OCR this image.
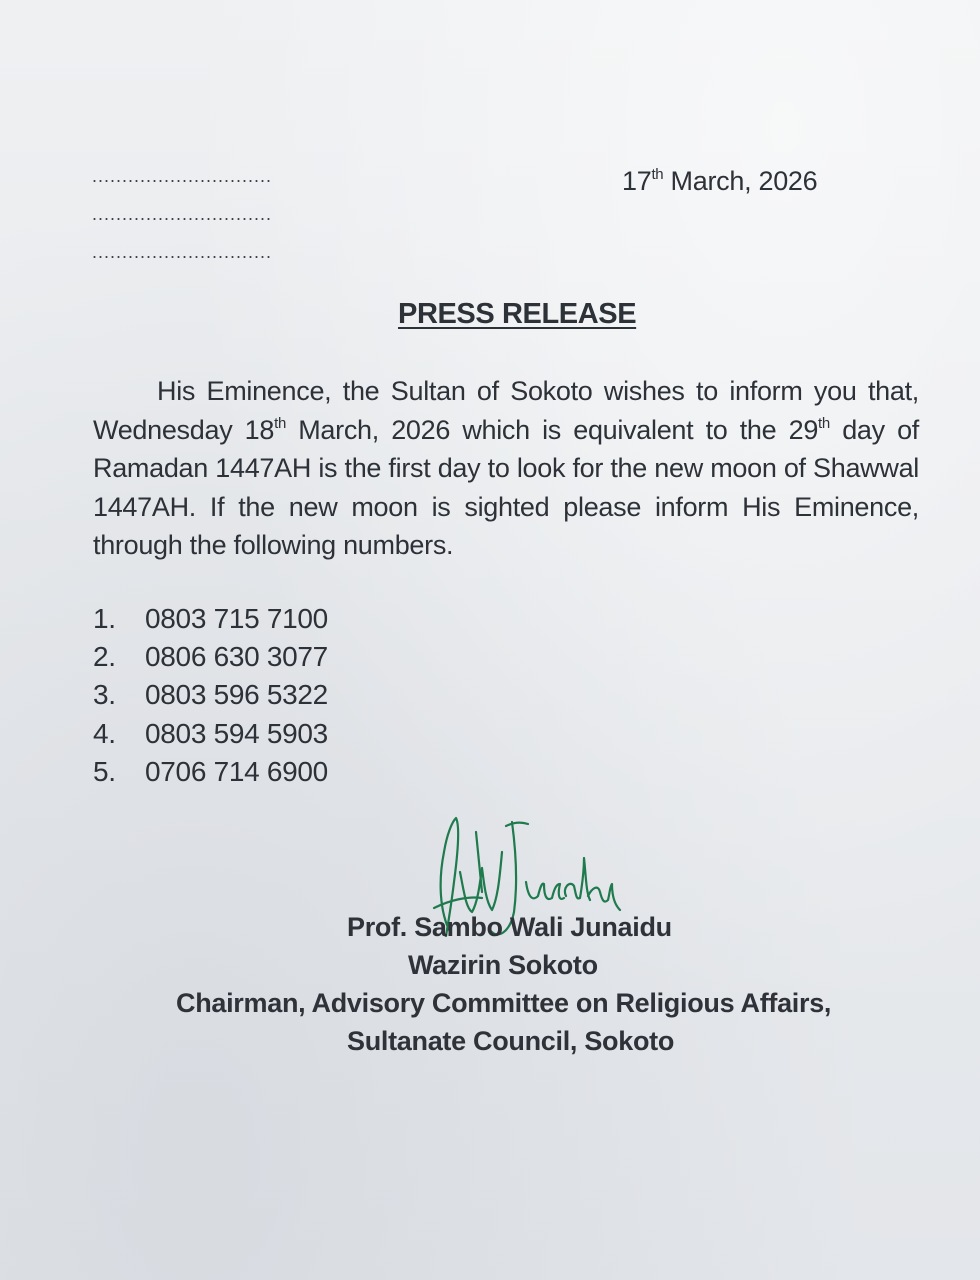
..............................
..............................
..............................
17th March, 2026
PRESS RELEASE
His Eminence, the Sultan of Sokoto wishes to inform you that, Wednesday 18th March, 2026 which is equivalent to the 29th day of Ramadan 1447AH is the first day to look for the new moon of Shawwal 1447AH. If the new moon is sighted please inform His Eminence, through the following numbers.
1. 0803 715 7100
2. 0806 630 3077
3. 0803 596 5322
4. 0803 594 5903
5. 0706 714 6900
Prof. Sambo Wali Junaidu
Wazirin Sokoto
Chairman, Advisory Committee on Religious Affairs,
Sultanate Council, Sokoto
